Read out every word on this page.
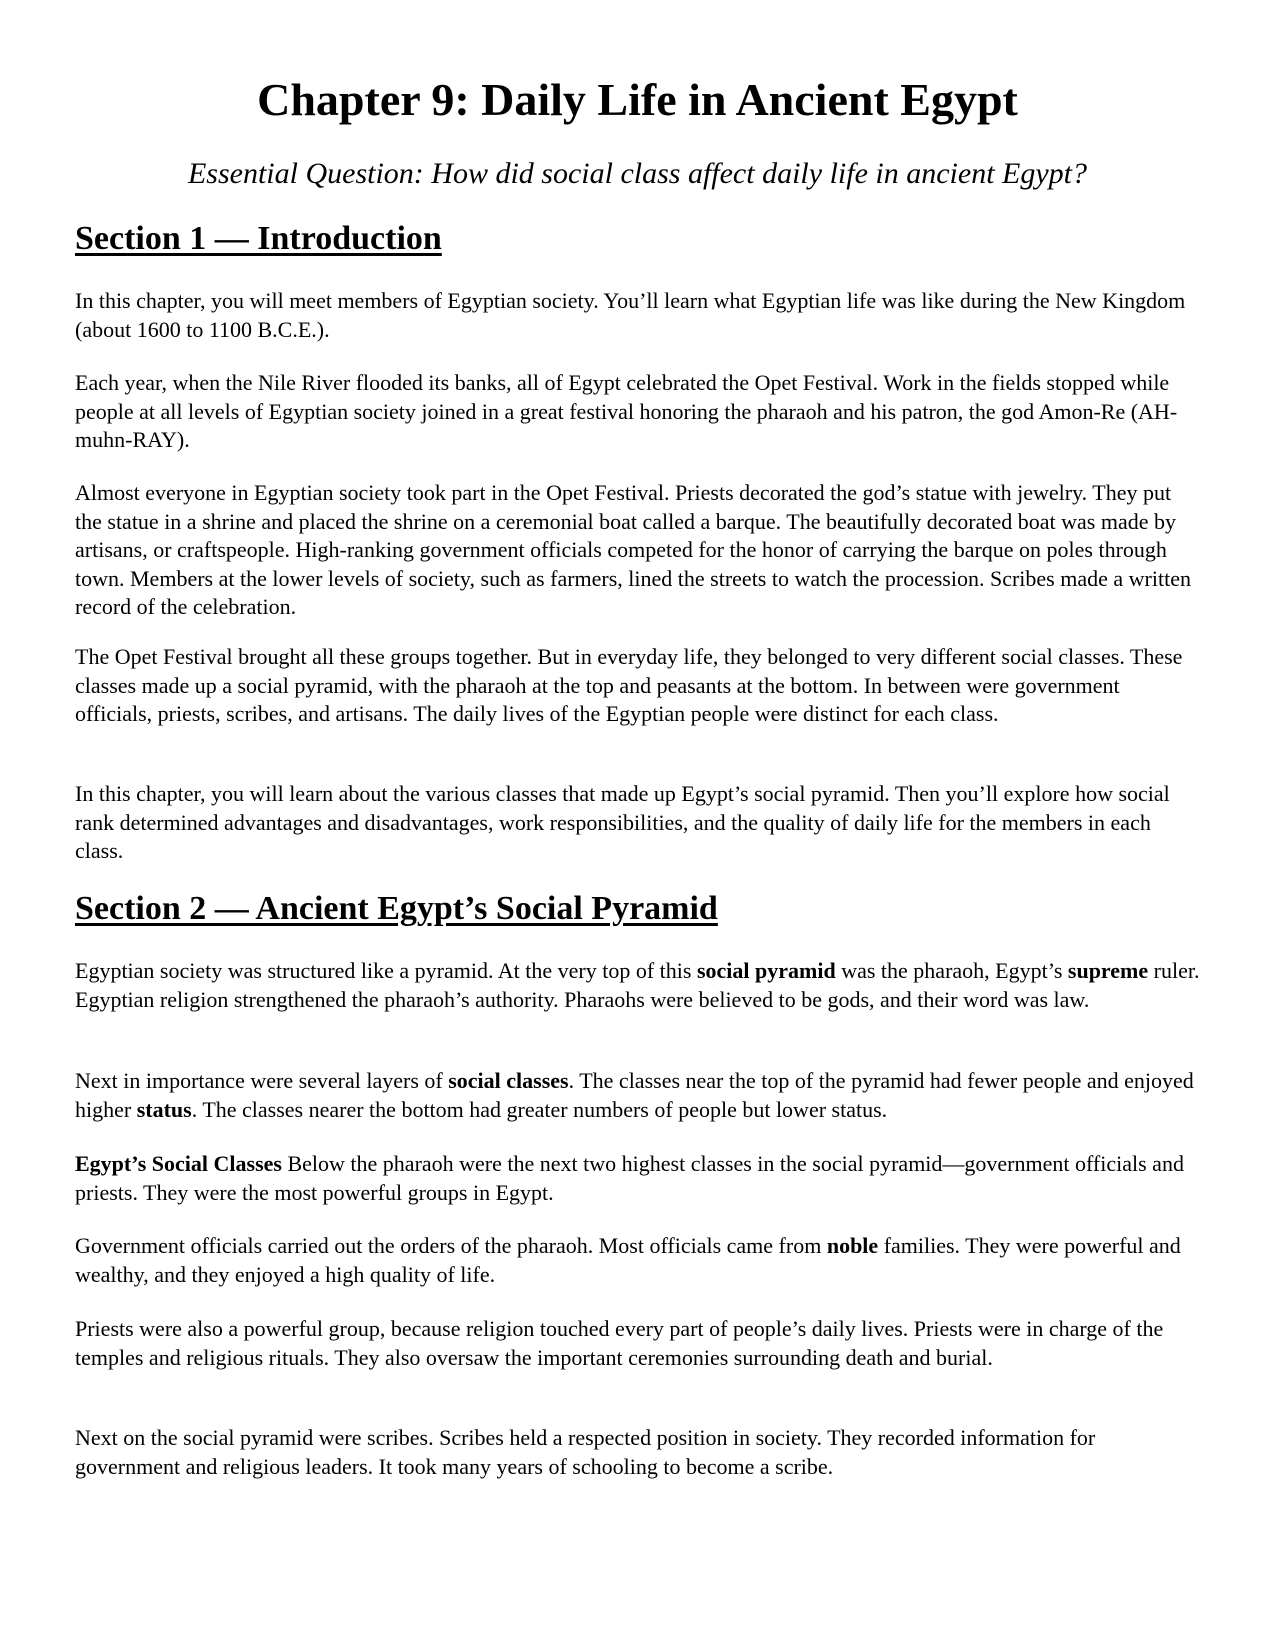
Chapter 9: Daily Life in Ancient Egypt

Essential Question: How did social class affect daily life in ancient Egypt?

Section 1 — Introduction

In this chapter, you will meet members of Egyptian society. You’ll learn what Egyptian life was like during the New Kingdom (about 1600 to 1100 B.C.E.).

Each year, when the Nile River flooded its banks, all of Egypt celebrated the Opet Festival. Work in the fields stopped while people at all levels of Egyptian society joined in a great festival honoring the pharaoh and his patron, the god Amon-Re (AH-muhn-RAY).

Almost everyone in Egyptian society took part in the Opet Festival. Priests decorated the god’s statue with jewelry. They put the statue in a shrine and placed the shrine on a ceremonial boat called a barque. The beautifully decorated boat was made by artisans, or craftspeople. High-ranking government officials competed for the honor of carrying the barque on poles through town. Members at the lower levels of society, such as farmers, lined the streets to watch the procession. Scribes made a written record of the celebration.

The Opet Festival brought all these groups together. But in everyday life, they belonged to very different social classes. These classes made up a social pyramid, with the pharaoh at the top and peasants at the bottom. In between were government officials, priests, scribes, and artisans. The daily lives of the Egyptian people were distinct for each class.

In this chapter, you will learn about the various classes that made up Egypt’s social pyramid. Then you’ll explore how social rank determined advantages and disadvantages, work responsibilities, and the quality of daily life for the members in each class.

Section 2 — Ancient Egypt’s Social Pyramid

Egyptian society was structured like a pyramid. At the very top of this social pyramid was the pharaoh, Egypt’s supreme ruler. Egyptian religion strengthened the pharaoh’s authority. Pharaohs were believed to be gods, and their word was law.

Next in importance were several layers of social classes. The classes near the top of the pyramid had fewer people and enjoyed higher status. The classes nearer the bottom had greater numbers of people but lower status.

Egypt’s Social Classes Below the pharaoh were the next two highest classes in the social pyramid—government officials and priests. They were the most powerful groups in Egypt.

Government officials carried out the orders of the pharaoh. Most officials came from noble families. They were powerful and wealthy, and they enjoyed a high quality of life.

Priests were also a powerful group, because religion touched every part of people’s daily lives. Priests were in charge of the temples and religious rituals. They also oversaw the important ceremonies surrounding death and burial.

Next on the social pyramid were scribes. Scribes held a respected position in society. They recorded information for government and religious leaders. It took many years of schooling to become a scribe.
